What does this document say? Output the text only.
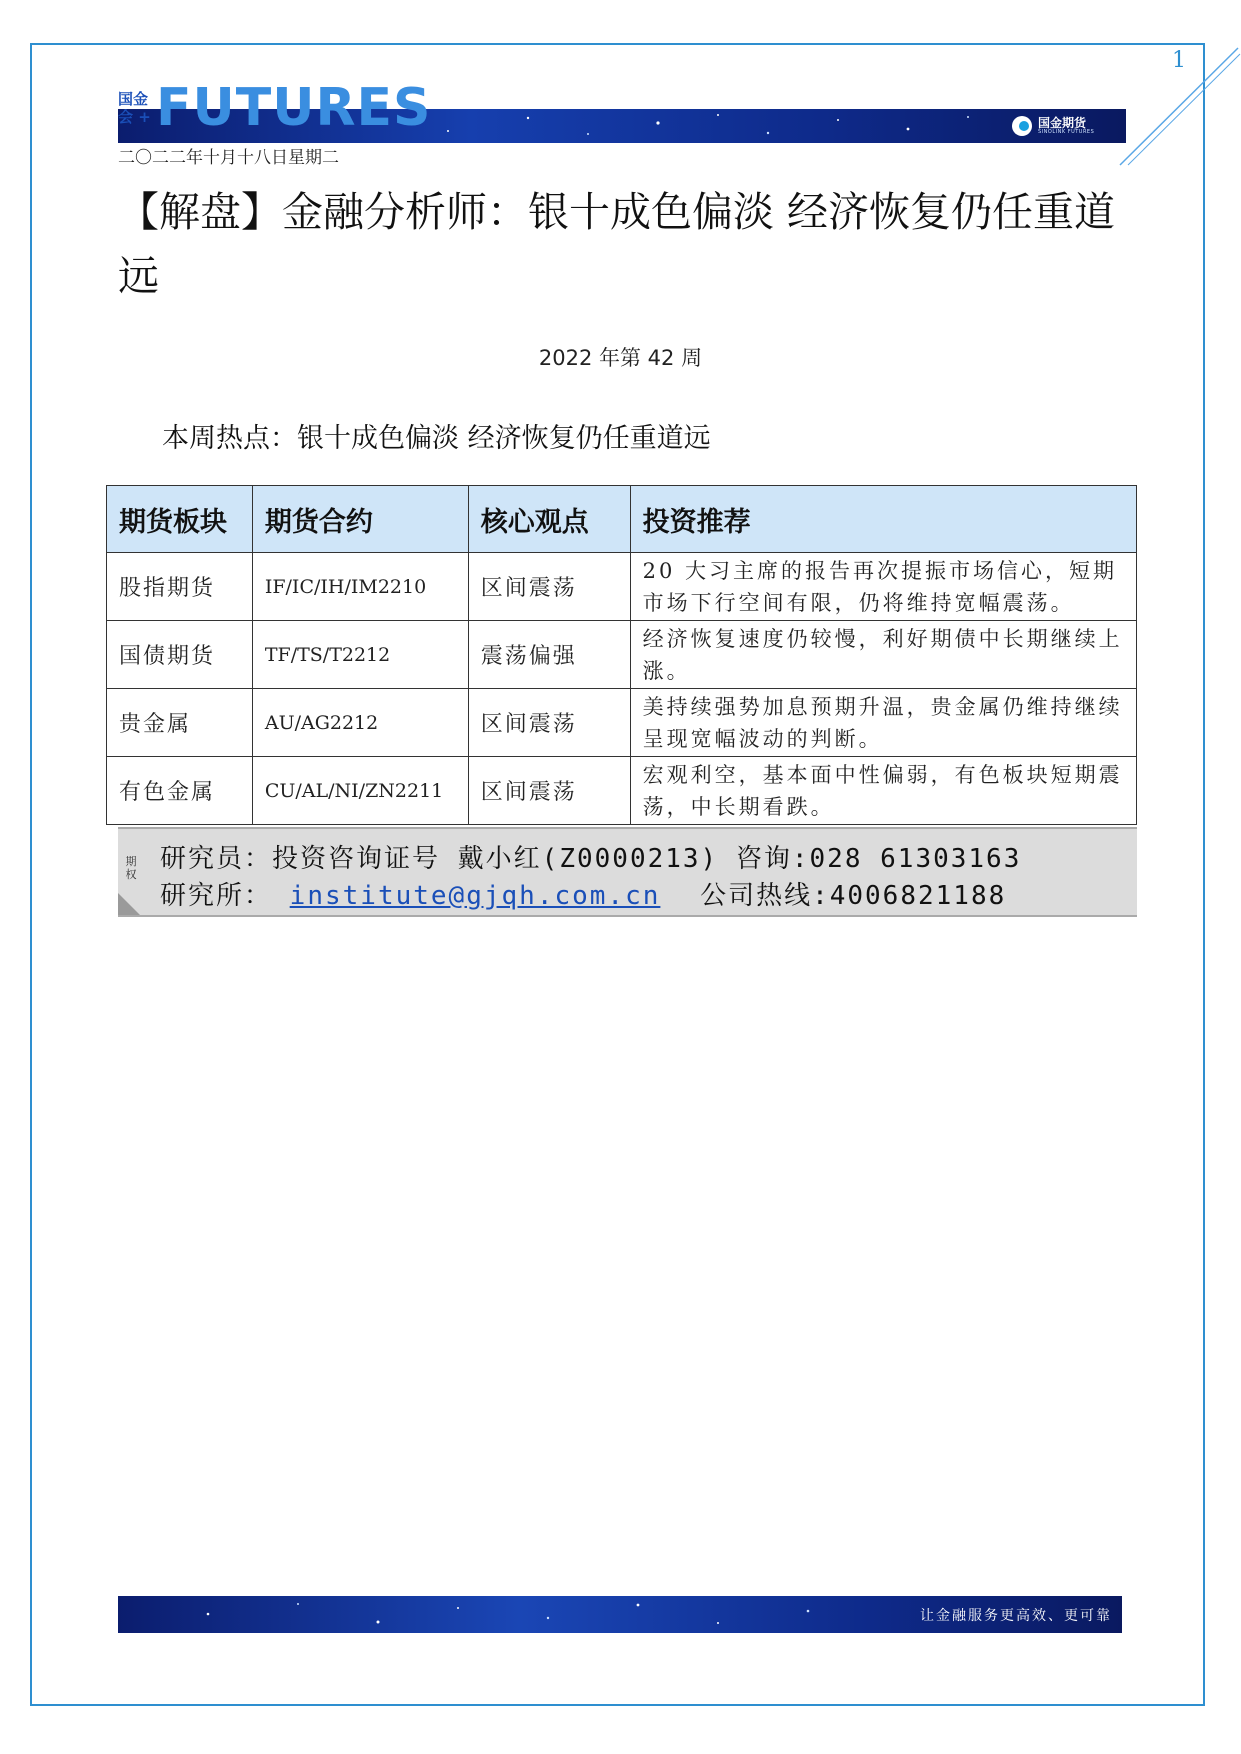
1
国金
会 + FUTURES	国金期货
SINOLINK FUTURES
二〇二二年十月十八日星期二
【解盘】金融分析师：银十成色偏淡 经济恢复仍任重道远
2022 年第 42 周
本周热点：银十成色偏淡 经济恢复仍任重道远
期货板块	期货合约	核心观点	投资推荐
股指期货	IF/IC/IH/IM2210	区间震荡	20 大习主席的报告再次提振市场信心，短期市场下行空间有限，仍将维持宽幅震荡。
国债期货	TF/TS/T2212	震荡偏强	经济恢复速度仍较慢，利好期债中长期继续上涨。
贵金属	AU/AG2212	区间震荡	美持续强势加息预期升温，贵金属仍维持继续呈现宽幅波动的判断。
有色金属	CU/AL/NI/ZN2211	区间震荡	宏观利空，基本面中性偏弱，有色板块短期震荡，中长期看跌。
期
权
研究员：投资咨询证号 戴小红(Z0000213) 咨询:028 61303163
研究所： institute@gjqh.com.cn 公司热线:4006821188
让金融服务更高效、更可靠
